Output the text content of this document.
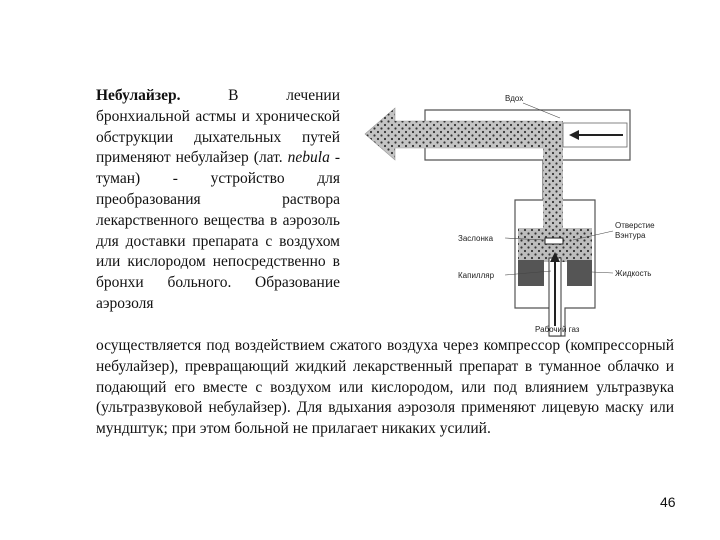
Небулайзер. В лечении бронхиальной астмы и хронической обструкции дыхательных путей применяют небулайзер (лат. nebula - туман) - устройство для преобразования раствора лекарственного вещества в аэрозоль для доставки препарата с воздухом или кислородом непосредственно в бронхи больного. Образование аэрозоля
осуществляется под воздействием сжатого воздуха через компрессор (компрессорный небулайзер), превращающий жидкий лекарственный препарат в туманное облачко и подающий его вместе с воздухом или кислородом, или под влиянием ультразвука (ультразвуковой небулайзер). Для вдыхания аэрозоля применяют лицевую маску или мундштук; при этом больной не прилагает никаких усилий.
Вдох
Отверстие
Вэнтура
Заслонка
Капилляр	Жидкость
Рабочий газ
46
